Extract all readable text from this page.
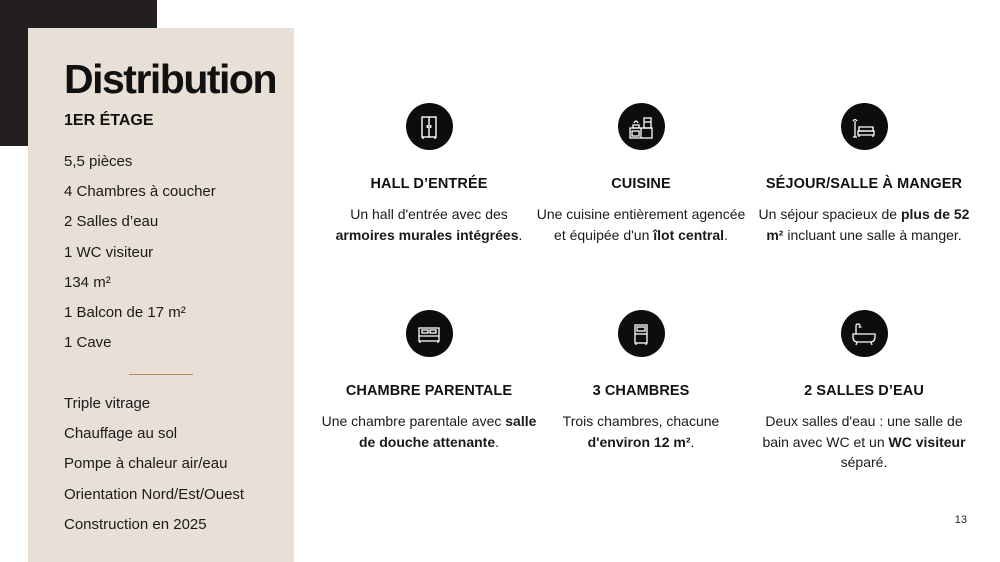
Distribution
1ER ÉTAGE
5,5 pièces
4 Chambres à coucher
2 Salles d’eau
1 WC visiteur
134 m²
1 Balcon de 17 m²
1 Cave
Triple vitrage
Chauffage au sol
Pompe à chaleur air/eau
Orientation Nord/Est/Ouest
Construction en 2025
HALL D’ENTRÉE
Un hall d'entrée avec des armoires murales intégrées.
CUISINE
Une cuisine entièrement agencée et équipée d'un îlot central.
SÉJOUR/SALLE À MANGER
Un séjour spacieux de plus de 52 m² incluant une salle à manger.
CHAMBRE PARENTALE
Une chambre parentale avec salle de douche attenante.
3 CHAMBRES
Trois chambres, chacune d'environ 12 m².
2 SALLES D’EAU
Deux salles d'eau : une salle de bain avec WC et un WC visiteur séparé.
13
